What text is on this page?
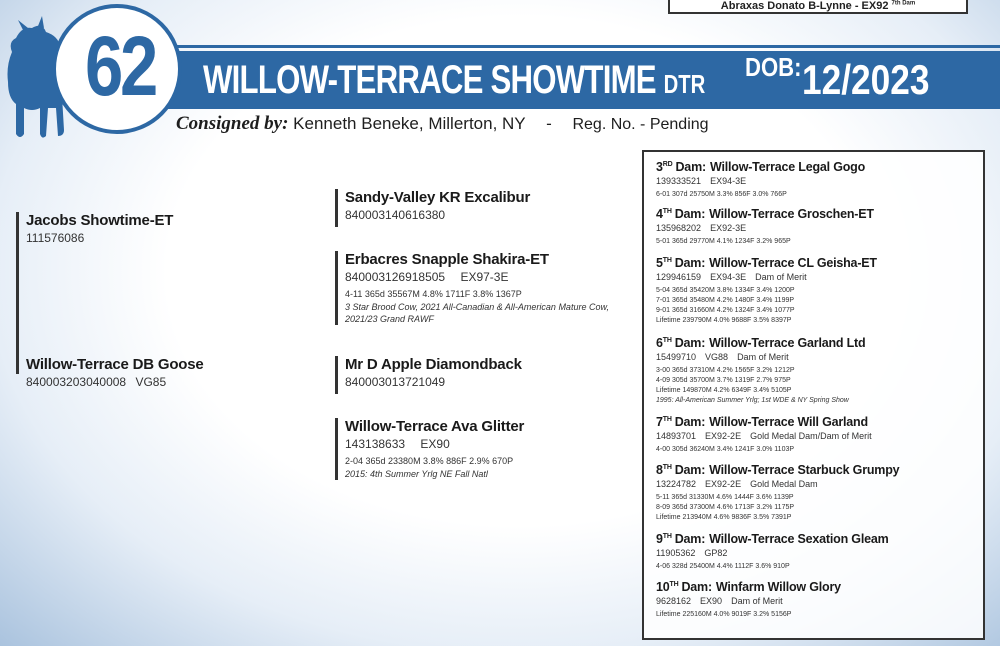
Abraxas Donato B-Lynne - EX92 $^{7th Dam}$
62	WILLOW-TERRACE SHOWTIME DTR
DOB: 12/2023
Consigned by: Kenneth Beneke, Millerton, NY - Reg. No. - Pending
Jacobs Showtime-ET
111576086
Willow-Terrace DB Goose
840003203040008 VG85
Sandy-Valley KR Excalibur
840003140616380
Erbacres Snapple Shakira-ET
840003126918505 EX97-3E
4-11 365d 35567M 4.8% 1711F 3.8% 1367P
3 Star Brood Cow, 2021 All-Canadian & All-American Mature Cow, 2021/23 Grand RAWF
Mr D Apple Diamondback
840003013721049
Willow-Terrace Ava Glitter
143138633 EX90
2-04 365d 23380M 3.8% 886F 2.9% 670P
2015: 4th Summer Yrlg NE Fall Natl
3RD Dam: Willow-Terrace Legal Gogo
139333521 EX94-3E
6-01 307d 25750M 3.3% 856F 3.0% 766P
4TH Dam: Willow-Terrace Groschen-ET
135968202 EX92-3E
5-01 365d 29770M 4.1% 1234F 3.2% 965P
5TH Dam: Willow-Terrace CL Geisha-ET
129946159 EX94-3E Dam of Merit
5-04 365d 35420M 3.8% 1334F 3.4% 1200P
7-01 365d 35480M 4.2% 1480F 3.4% 1199P
9-01 365d 31660M 4.2% 1324F 3.4% 1077P
Lifetime 239790M 4.0% 9688F 3.5% 8397P
6TH Dam: Willow-Terrace Garland Ltd
15499710 VG88 Dam of Merit
3-00 365d 37310M 4.2% 1565F 3.2% 1212P
4-09 305d 35700M 3.7% 1319F 2.7% 975P
Lifetime 149870M 4.2% 6349F 3.4% 5105P
1995: All-American Summer Yrlg; 1st WDE & NY Spring Show
7TH Dam: Willow-Terrace Will Garland
14893701 EX92-2E Gold Medal Dam/Dam of Merit
4-00 305d 36240M 3.4% 1241F 3.0% 1103P
8TH Dam: Willow-Terrace Starbuck Grumpy
13224782 EX92-2E Gold Medal Dam
5-11 365d 31330M 4.6% 1444F 3.6% 1139P
8-09 365d 37300M 4.6% 1713F 3.2% 1175P
Lifetime 213940M 4.6% 9836F 3.5% 7391P
9TH Dam: Willow-Terrace Sexation Gleam
11905362 GP82
4-06 328d 25400M 4.4% 1112F 3.6% 910P
10TH Dam: Winfarm Willow Glory
9628162 EX90 Dam of Merit
Lifetime 225160M 4.0% 9019F 3.2% 5156P
